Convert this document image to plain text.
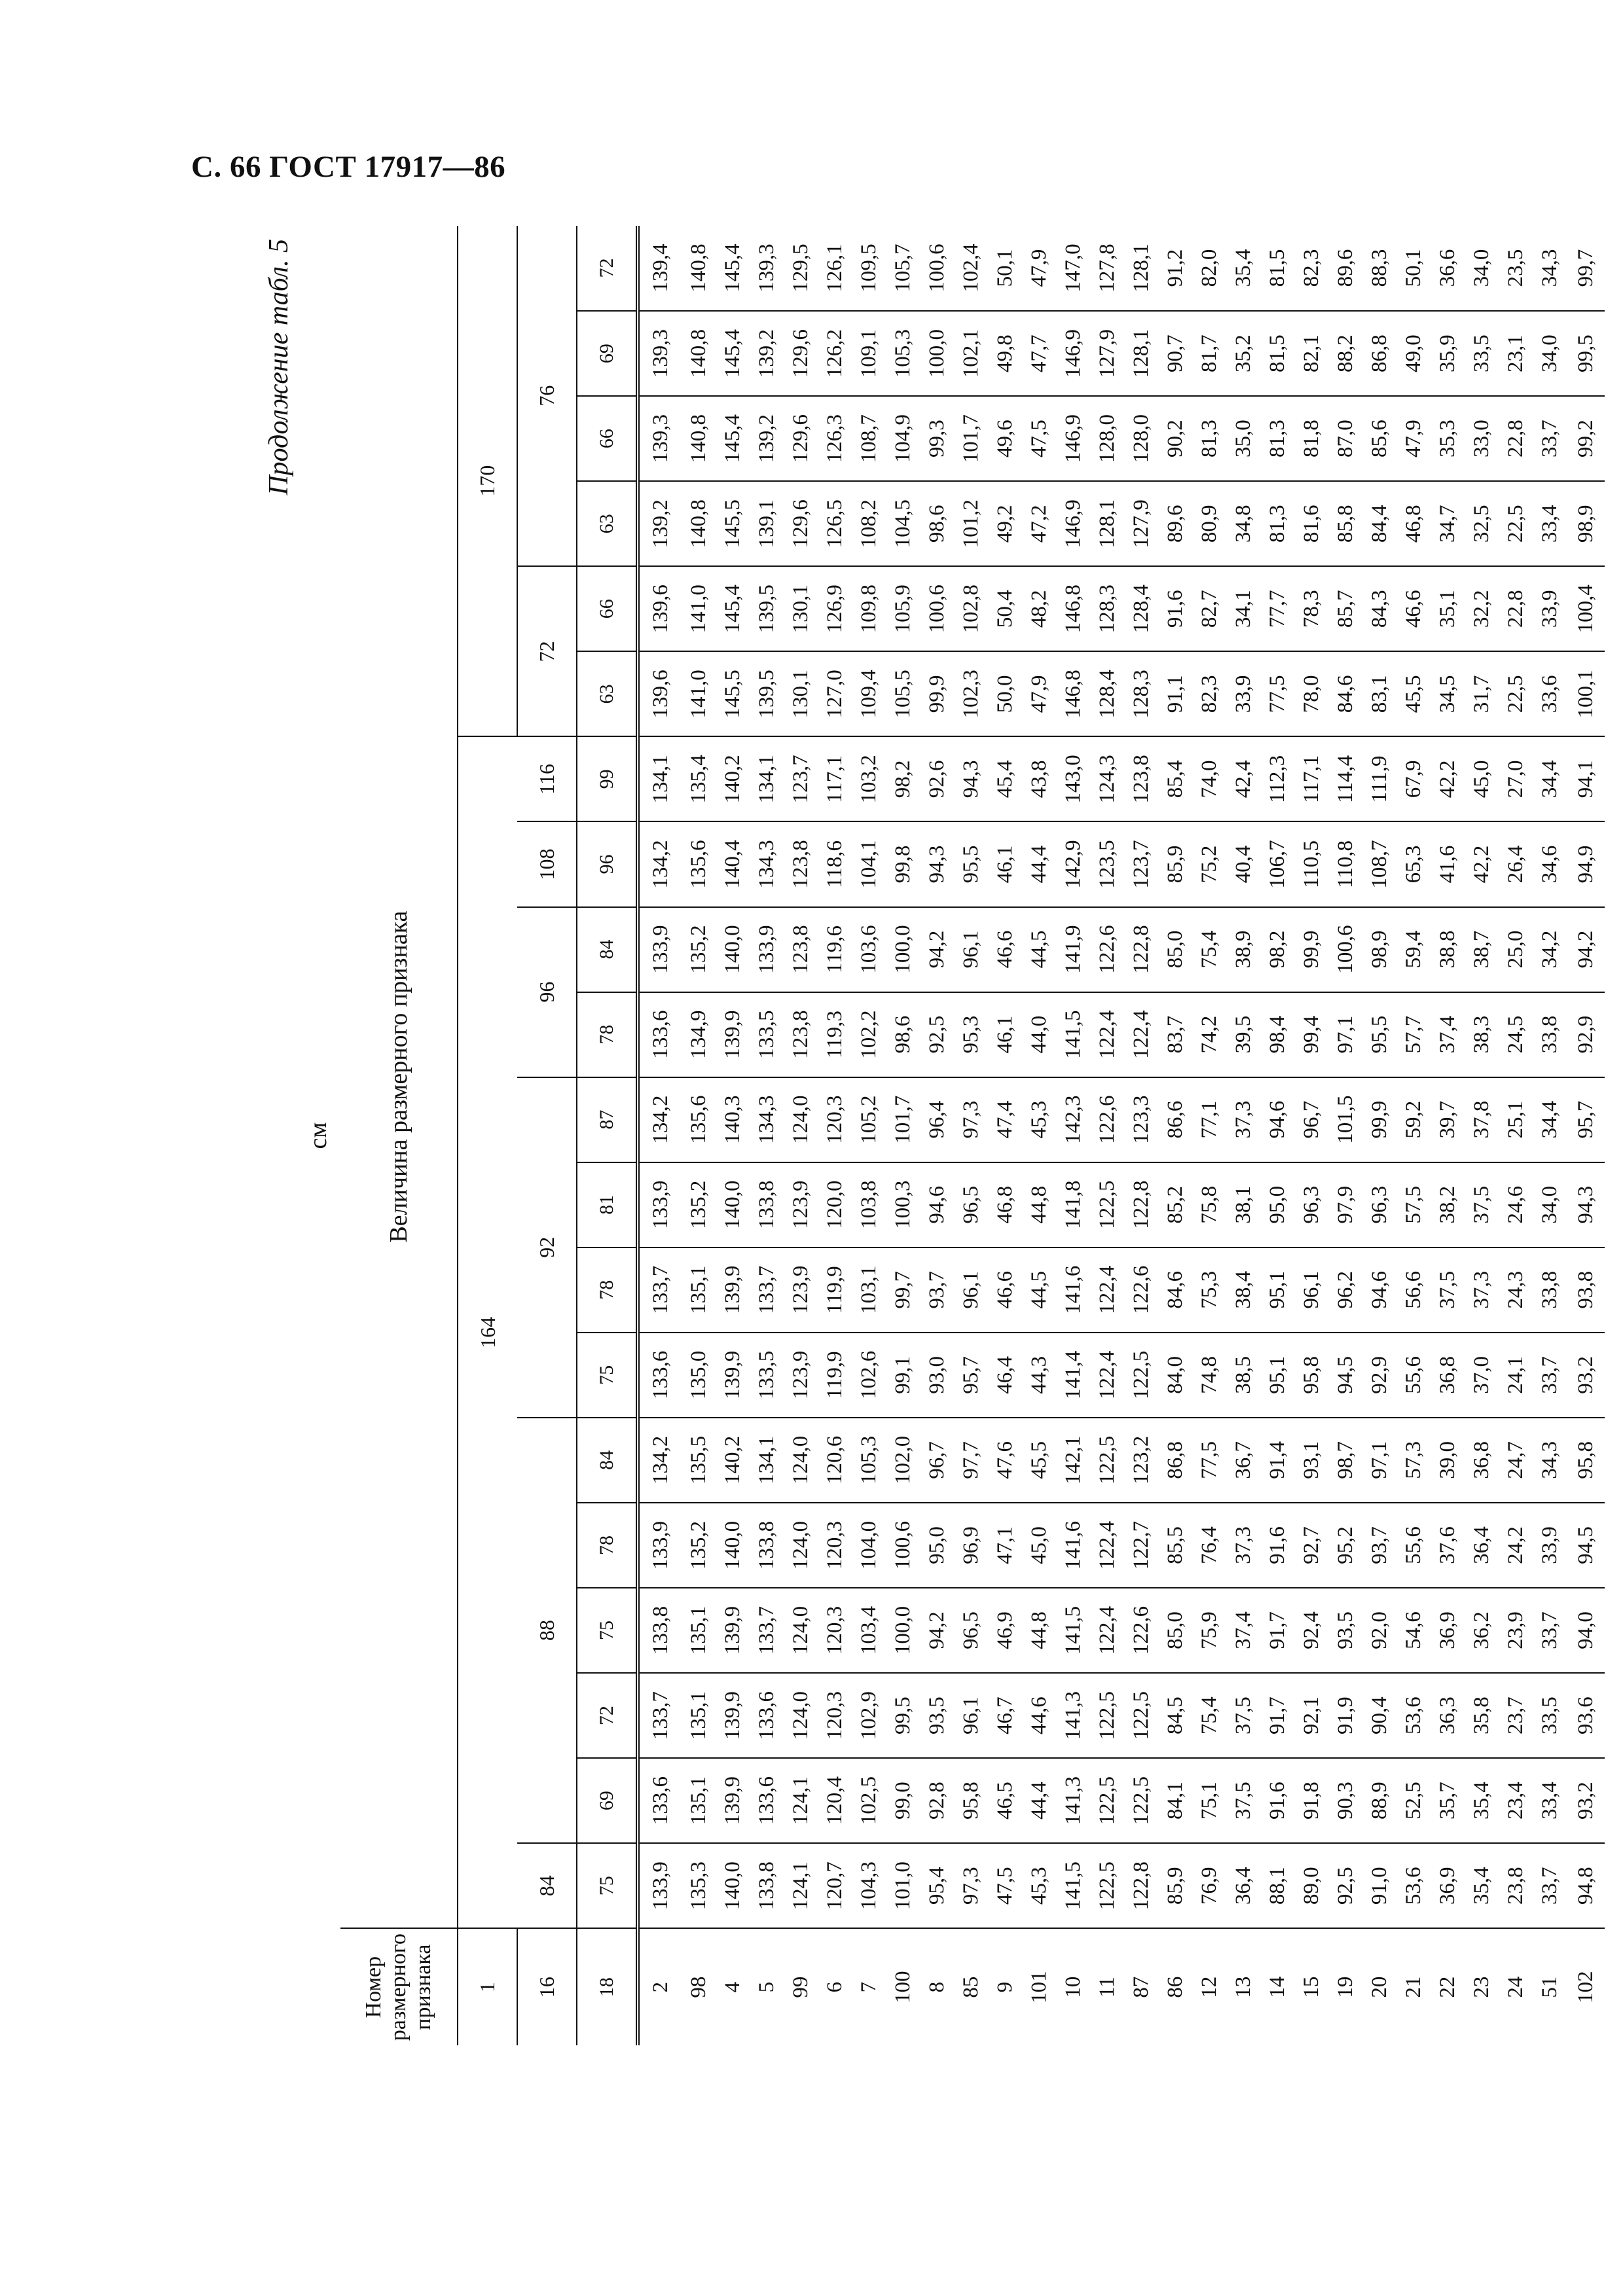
С. 66 ГОСТ 17917—86
Продолжение табл. 5
см
Номер размерного признака	Величина размерного признака																			
1	164														170					
16	84	88					92				96		108	116	72		76			
18	75	69	72	75	78	84	75	78	81	87	78	84	96	99	63	66	63	66	69	72
2	133,9	133,6	133,7	133,8	133,9	134,2	133,6	133,7	133,9	134,2	133,6	133,9	134,2	134,1	139,6	139,6	139,2	139,3	139,3	139,4
98	135,3	135,1	135,1	135,1	135,2	135,5	135,0	135,1	135,2	135,6	134,9	135,2	135,6	135,4	141,0	141,0	140,8	140,8	140,8	140,8
4	140,0	139,9	139,9	139,9	140,0	140,2	139,9	139,9	140,0	140,3	139,9	140,0	140,4	140,2	145,5	145,4	145,5	145,4	145,4	145,4
5	133,8	133,6	133,6	133,7	133,8	134,1	133,5	133,7	133,8	134,3	133,5	133,9	134,3	134,1	139,5	139,5	139,1	139,2	139,2	139,3
99	124,1	124,1	124,0	124,0	124,0	124,0	123,9	123,9	123,9	124,0	123,8	123,8	123,8	123,7	130,1	130,1	129,6	129,6	129,6	129,5
6	120,7	120,4	120,3	120,3	120,3	120,6	119,9	119,9	120,0	120,3	119,3	119,6	118,6	117,1	127,0	126,9	126,5	126,3	126,2	126,1
7	104,3	102,5	102,9	103,4	104,0	105,3	102,6	103,1	103,8	105,2	102,2	103,6	104,1	103,2	109,4	109,8	108,2	108,7	109,1	109,5
100	101,0	99,0	99,5	100,0	100,6	102,0	99,1	99,7	100,3	101,7	98,6	100,0	99,8	98,2	105,5	105,9	104,5	104,9	105,3	105,7
8	95,4	92,8	93,5	94,2	95,0	96,7	93,0	93,7	94,6	96,4	92,5	94,2	94,3	92,6	99,9	100,6	98,6	99,3	100,0	100,6
85	97,3	95,8	96,1	96,5	96,9	97,7	95,7	96,1	96,5	97,3	95,3	96,1	95,5	94,3	102,3	102,8	101,2	101,7	102,1	102,4
9	47,5	46,5	46,7	46,9	47,1	47,6	46,4	46,6	46,8	47,4	46,1	46,6	46,1	45,4	50,0	50,4	49,2	49,6	49,8	50,1
101	45,3	44,4	44,6	44,8	45,0	45,5	44,3	44,5	44,8	45,3	44,0	44,5	44,4	43,8	47,9	48,2	47,2	47,5	47,7	47,9
10	141,5	141,3	141,3	141,5	141,6	142,1	141,4	141,6	141,8	142,3	141,5	141,9	142,9	143,0	146,8	146,8	146,9	146,9	146,9	147,0
11	122,5	122,5	122,5	122,4	122,4	122,5	122,4	122,4	122,5	122,6	122,4	122,6	123,5	124,3	128,4	128,3	128,1	128,0	127,9	127,8
87	122,8	122,5	122,5	122,6	122,7	123,2	122,5	122,6	122,8	123,3	122,4	122,8	123,7	123,8	128,3	128,4	127,9	128,0	128,1	128,1
86	85,9	84,1	84,5	85,0	85,5	86,8	84,0	84,6	85,2	86,6	83,7	85,0	85,9	85,4	91,1	91,6	89,6	90,2	90,7	91,2
12	76,9	75,1	75,4	75,9	76,4	77,5	74,8	75,3	75,8	77,1	74,2	75,4	75,2	74,0	82,3	82,7	80,9	81,3	81,7	82,0
13	36,4	37,5	37,5	37,4	37,3	36,7	38,5	38,4	38,1	37,3	39,5	38,9	40,4	42,4	33,9	34,1	34,8	35,0	35,2	35,4
14	88,1	91,6	91,7	91,7	91,6	91,4	95,1	95,1	95,0	94,6	98,4	98,2	106,7	112,3	77,5	77,7	81,3	81,3	81,5	81,5
15	89,0	91,8	92,1	92,4	92,7	93,1	95,8	96,1	96,3	96,7	99,4	99,9	110,5	117,1	78,0	78,3	81,6	81,8	82,1	82,3
19	92,5	90,3	91,9	93,5	95,2	98,7	94,5	96,2	97,9	101,5	97,1	100,6	110,8	114,4	84,6	85,7	85,8	87,0	88,2	89,6
20	91,0	88,9	90,4	92,0	93,7	97,1	92,9	94,6	96,3	99,9	95,5	98,9	108,7	111,9	83,1	84,3	84,4	85,6	86,8	88,3
21	53,6	52,5	53,6	54,6	55,6	57,3	55,6	56,6	57,5	59,2	57,7	59,4	65,3	67,9	45,5	46,6	46,8	47,9	49,0	50,1
22	36,9	35,7	36,3	36,9	37,6	39,0	36,8	37,5	38,2	39,7	37,4	38,8	41,6	42,2	34,5	35,1	34,7	35,3	35,9	36,6
23	35,4	35,4	35,8	36,2	36,4	36,8	37,0	37,3	37,5	37,8	38,3	38,7	42,2	45,0	31,7	32,2	32,5	33,0	33,5	34,0
24	23,8	23,4	23,7	23,9	24,2	24,7	24,1	24,3	24,6	25,1	24,5	25,0	26,4	27,0	22,5	22,8	22,5	22,8	23,1	23,5
51	33,7	33,4	33,5	33,7	33,9	34,3	33,7	33,8	34,0	34,4	33,8	34,2	34,6	34,4	33,6	33,9	33,4	33,7	34,0	34,3
102	94,8	93,2	93,6	94,0	94,5	95,8	93,2	93,8	94,3	95,7	92,9	94,2	94,9	94,1	100,1	100,4	98,9	99,2	99,5	99,7
